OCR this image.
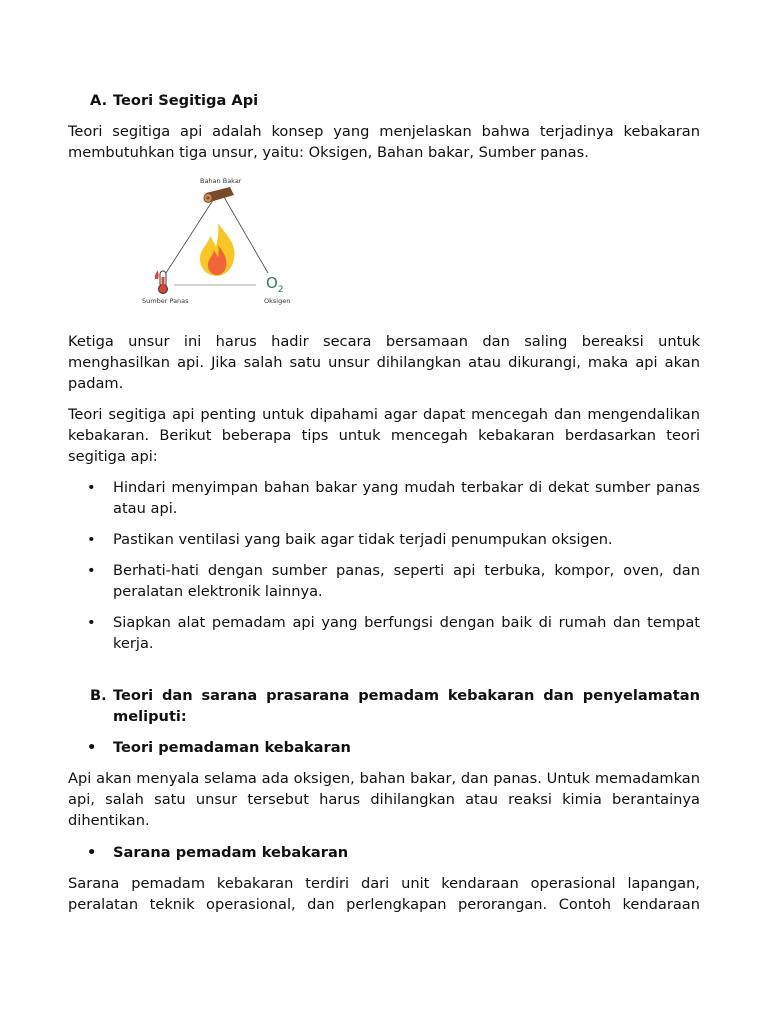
A. Teori Segitiga Api

Teori segitiga api adalah konsep yang menjelaskan bahwa terjadinya kebakaran membutuhkan tiga unsur, yaitu: Oksigen, Bahan bakar, Sumber panas.

Bahan Bakar
Sumber Panas	Oksigen
$O_2$

Ketiga unsur ini harus hadir secara bersamaan dan saling bereaksi untuk menghasilkan api. Jika salah satu unsur dihilangkan atau dikurangi, maka api akan padam.

Teori segitiga api penting untuk dipahami agar dapat mencegah dan mengendalikan kebakaran. Berikut beberapa tips untuk mencegah kebakaran berdasarkan teori segitiga api:

•	Hindari menyimpan bahan bakar yang mudah terbakar di dekat sumber panas atau api.
•	Pastikan ventilasi yang baik agar tidak terjadi penumpukan oksigen.
•	Berhati-hati dengan sumber panas, seperti api terbuka, kompor, oven, dan peralatan elektronik lainnya.
•	Siapkan alat pemadam api yang berfungsi dengan baik di rumah dan tempat kerja.
B. Teori dan sarana prasarana pemadam kebakaran dan penyelamatan meliputi:
•	Teori pemadaman kebakaran

Api akan menyala selama ada oksigen, bahan bakar, dan panas. Untuk memadamkan api, salah satu unsur tersebut harus dihilangkan atau reaksi kimia berantainya dihentikan.

•	Sarana pemadam kebakaran

Sarana pemadam kebakaran terdiri dari unit kendaraan operasional lapangan, peralatan teknik operasional, dan perlengkapan perorangan. Contoh kendaraan
